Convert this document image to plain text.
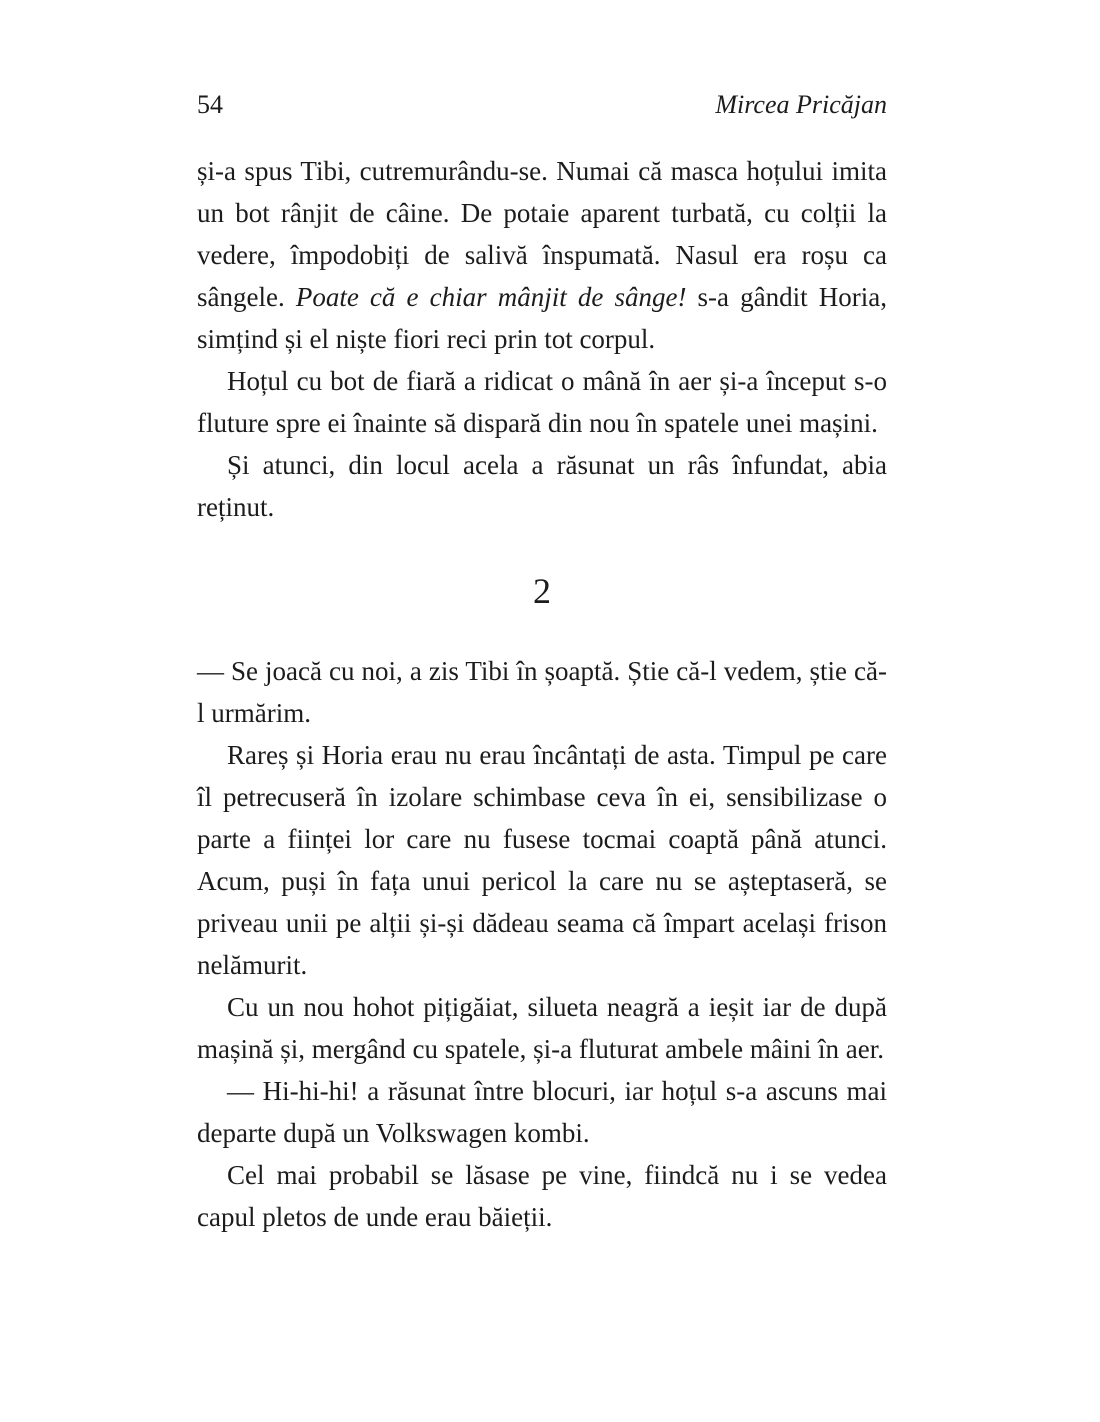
54	Mircea Pricăjan

și-a spus Tibi, cutremurându-se. Numai că masca hoțului imita un bot rânjit de câine. De potaie aparent turbată, cu colții la vedere, împodobiți de salivă înspumată. Nasul era roșu ca sângele. Poate că e chiar mânjit de sânge! s-a gândit Horia, simțind și el niște fiori reci prin tot corpul.

Hoțul cu bot de fiară a ridicat o mână în aer și-a început s-o fluture spre ei înainte să dispară din nou în spatele unei mașini.

Și atunci, din locul acela a răsunat un râs înfundat, abia reținut.

2

— Se joacă cu noi, a zis Tibi în șoaptă. Știe că-l vedem, știe că-l urmărim.

Rareș și Horia erau nu erau încântați de asta. Timpul pe care îl petrecuseră în izolare schimbase ceva în ei, sensibilizase o parte a ființei lor care nu fusese tocmai coaptă până atunci. Acum, puși în fața unui pericol la care nu se așteptaseră, se priveau unii pe alții și-și dădeau seama că împart același frison nelămurit.

Cu un nou hohot pițigăiat, silueta neagră a ieșit iar de după mașină și, mergând cu spatele, și-a fluturat ambele mâini în aer.

— Hi-hi-hi! a răsunat între blocuri, iar hoțul s-a ascuns mai departe după un Volkswagen kombi.

Cel mai probabil se lăsase pe vine, fiindcă nu i se vedea capul pletos de unde erau băieții.
